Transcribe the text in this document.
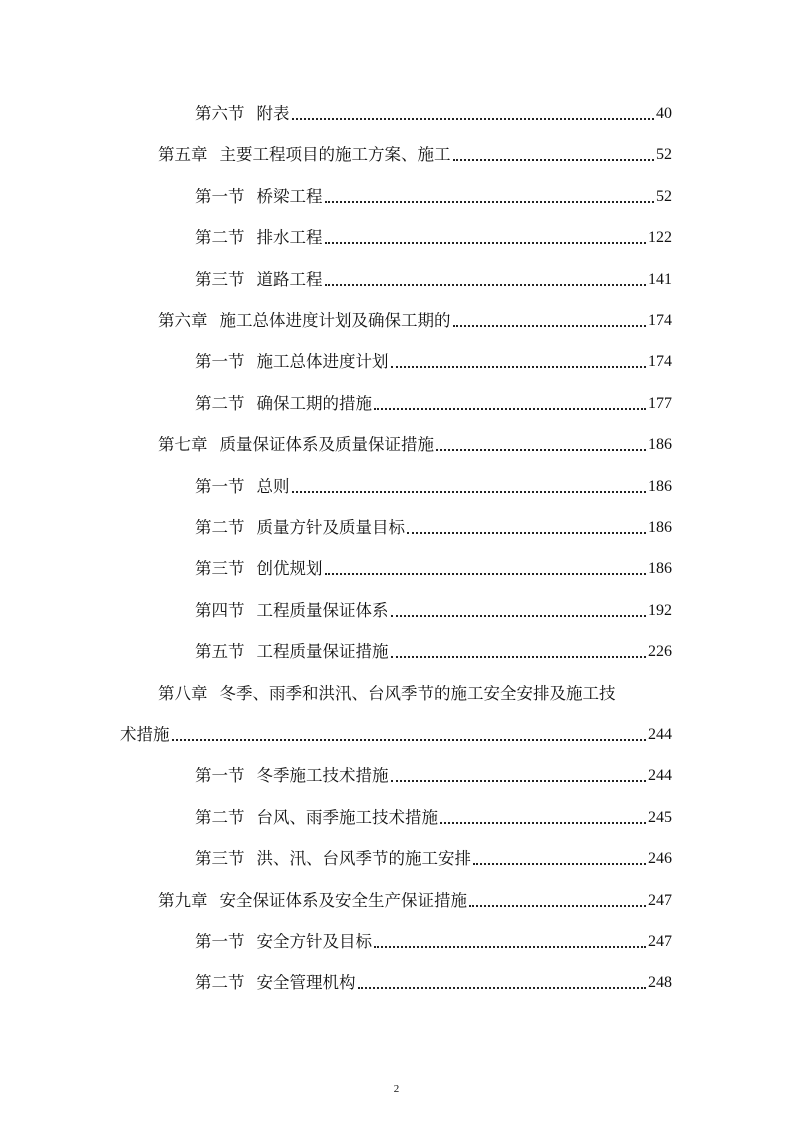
第六节 附表	40
第五章 主要工程项目的施工方案、施工	52
第一节 桥梁工程	52
第二节 排水工程	122
第三节 道路工程	141
第六章 施工总体进度计划及确保工期的	174
第一节 施工总体进度计划	174
第二节 确保工期的措施	177
第七章 质量保证体系及质量保证措施	186
第一节 总则	186
第二节 质量方针及质量目标	186
第三节 创优规划	186
第四节 工程质量保证体系	192
第五节 工程质量保证措施	226
第八章 冬季、雨季和洪汛、台风季节的施工安全安排及施工技
术措施	244
第一节 冬季施工技术措施	244
第二节 台风、雨季施工技术措施	245
第三节 洪、汛、台风季节的施工安排	246
第九章 安全保证体系及安全生产保证措施	247
第一节 安全方针及目标	247
第二节 安全管理机构	248
2
